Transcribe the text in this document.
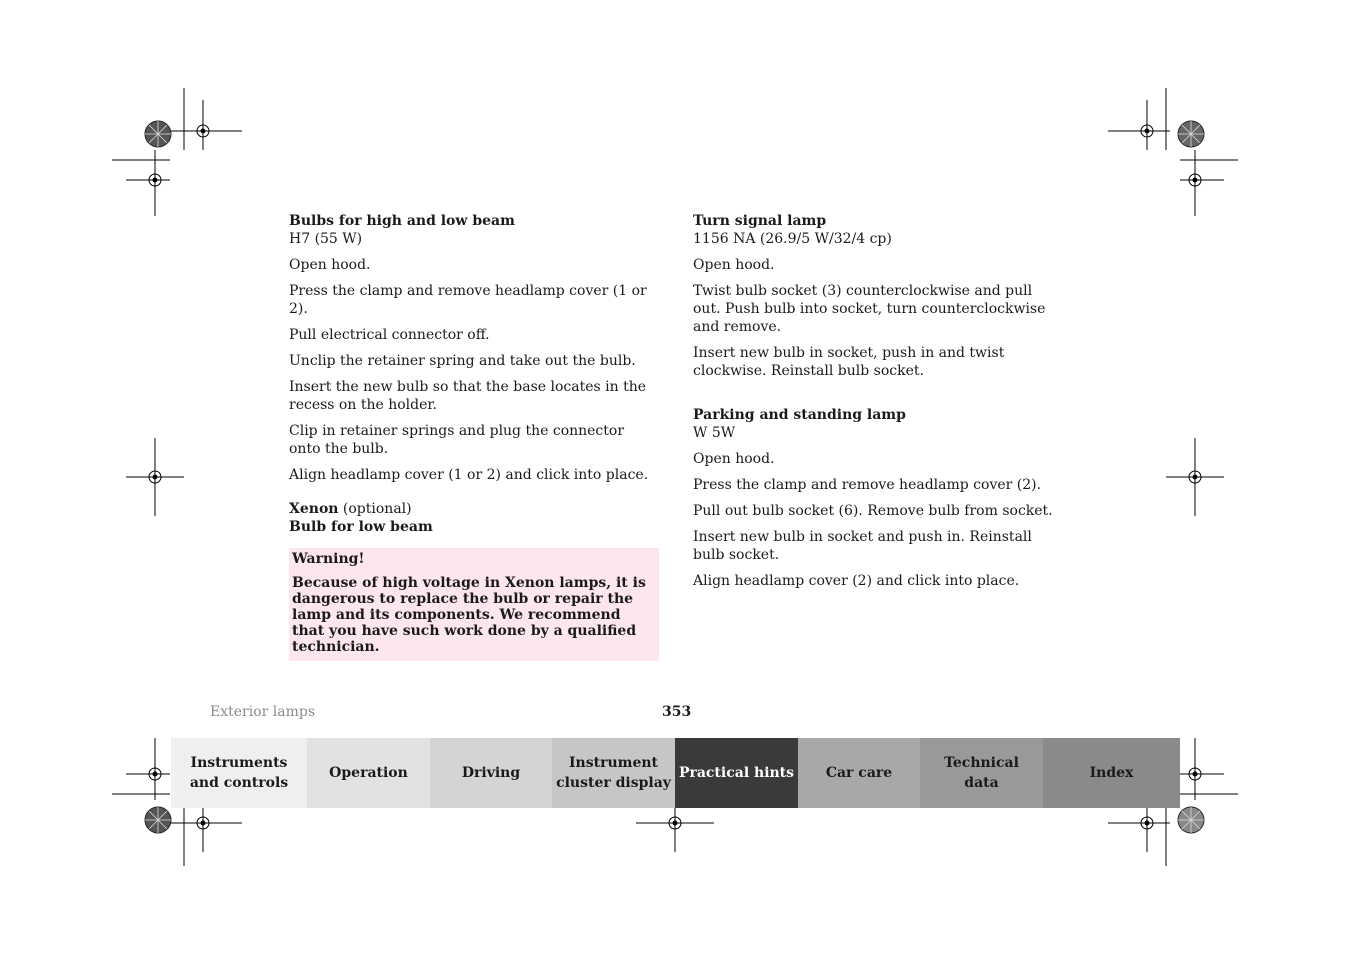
Bulbs for high and low beam
H7 (55 W)

Open hood.

Press the clamp and remove headlamp cover (1 or 2).

Pull electrical connector off.

Unclip the retainer spring and take out the bulb.

Insert the new bulb so that the base locates in the recess on the holder.

Clip in retainer springs and plug the connector onto the bulb.

Align headlamp cover (1 or 2) and click into place.

Xenon (optional)
Bulb for low beam
Warning!
Because of high voltage in Xenon lamps, it is dangerous to replace the bulb or repair the lamp and its components. We recommend that you have such work done by a qualified technician.
Turn signal lamp
1156 NA (26.9/5 W/32/4 cp)

Open hood.

Twist bulb socket (3) counterclockwise and pull out. Push bulb into socket, turn counterclockwise and remove.

Insert new bulb in socket, push in and twist clockwise. Reinstall bulb socket.

Parking and standing lamp
W 5W

Open hood.

Press the clamp and remove headlamp cover (2).

Pull out bulb socket (6). Remove bulb from socket.

Insert new bulb in socket and push in. Reinstall bulb socket.

Align headlamp cover (2) and click into place.

Exterior lamps	353
Instruments
and controls
Operation	Driving
Instrument
cluster display
Practical hints Car care
Technical
data
Index
